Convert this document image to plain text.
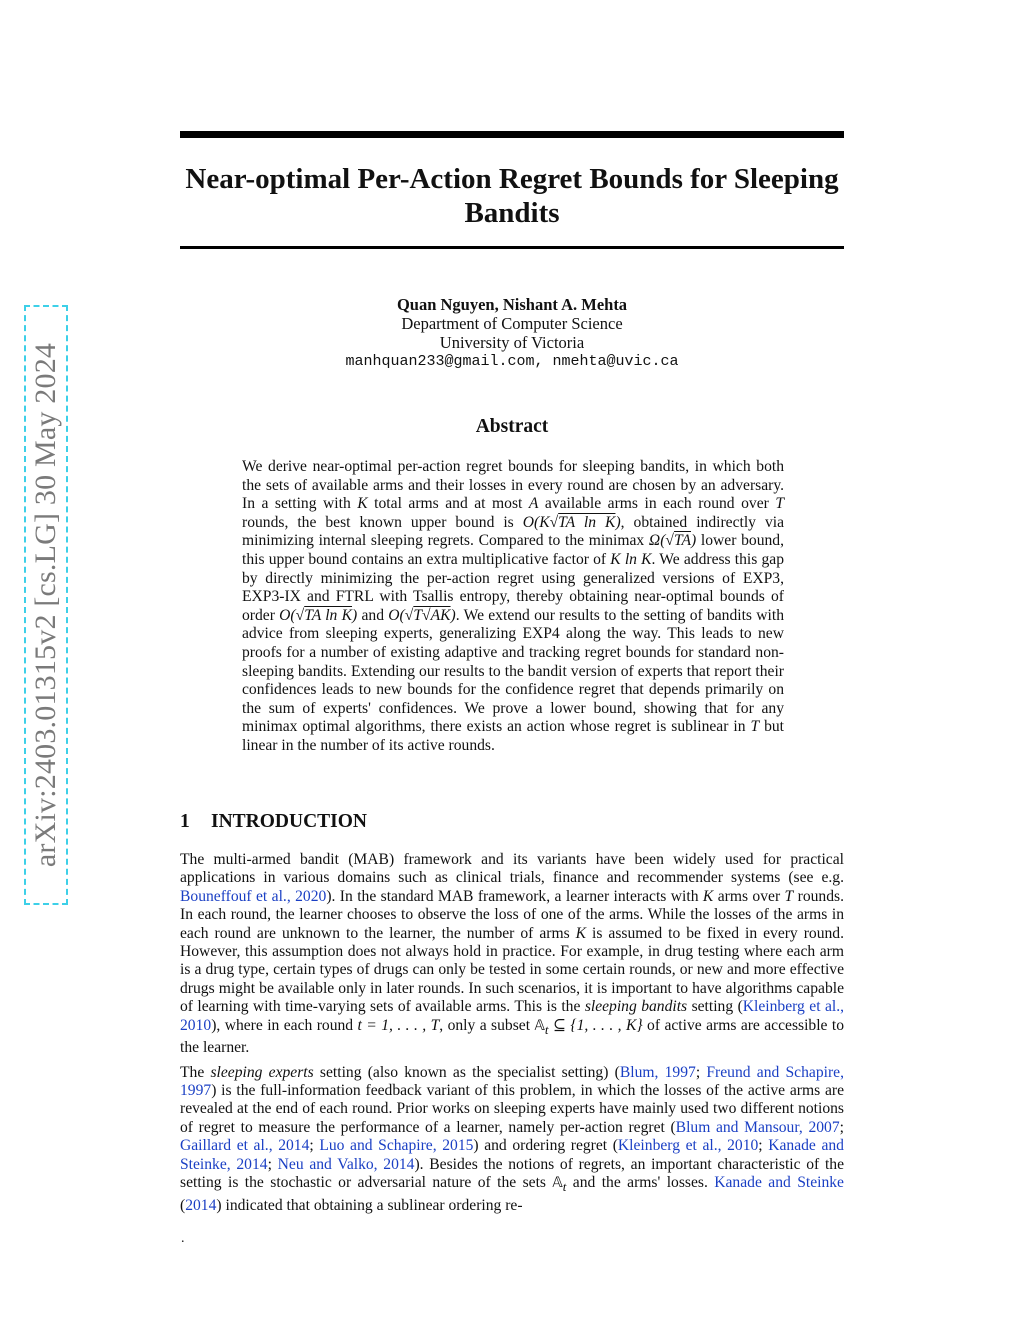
arXiv:2403.01315v2 [cs.LG] 30 May 2024
Near-optimal Per-Action Regret Bounds for Sleeping Bandits
Quan Nguyen, Nishant A. Mehta
Department of Computer Science
University of Victoria
manhquan233@gmail.com, nmehta@uvic.ca
Abstract

We derive near-optimal per-action regret bounds for sleeping bandits, in which both the sets of available arms and their losses in every round are chosen by an adversary. In a setting with K total arms and at most A available arms in each round over T rounds, the best known upper bound is O(K√TA ln K), obtained indirectly via minimizing internal sleeping regrets. Compared to the minimax Ω(√TA) lower bound, this upper bound contains an extra multiplicative factor of K ln K. We address this gap by directly minimizing the per-action regret using generalized versions of EXP3, EXP3-IX and FTRL with Tsallis entropy, thereby obtaining near-optimal bounds of order O(√TA ln K) and O(√T√AK). We extend our results to the setting of bandits with advice from sleeping experts, generalizing EXP4 along the way. This leads to new proofs for a number of existing adaptive and tracking regret bounds for standard non-sleeping bandits. Extending our results to the bandit version of experts that report their confidences leads to new bounds for the confidence regret that depends primarily on the sum of experts' confidences. We prove a lower bound, showing that for any minimax optimal algorithms, there exists an action whose regret is sublinear in T but linear in the number of its active rounds.

1 INTRODUCTION

The multi-armed bandit (MAB) framework and its variants have been widely used for practical applications in various domains such as clinical trials, finance and recommender systems (see e.g. Bouneffouf et al., 2020). In the standard MAB framework, a learner interacts with K arms over T rounds. In each round, the learner chooses to observe the loss of one of the arms. While the losses of the arms in each round are unknown to the learner, the number of arms K is assumed to be fixed in every round. However, this assumption does not always hold in practice. For example, in drug testing where each arm is a drug type, certain types of drugs can only be tested in some certain rounds, or new and more effective drugs might be available only in later rounds. In such scenarios, it is important to have algorithms capable of learning with time-varying sets of available arms. This is the sleeping bandits setting (Kleinberg et al., 2010), where in each round t = 1, . . . , T, only a subset 𝔸$_t$ ⊆ {1, . . . , K} of active arms are accessible to the learner.

The sleeping experts setting (also known as the specialist setting) (Blum, 1997; Freund and Schapire, 1997) is the full-information feedback variant of this problem, in which the losses of the active arms are revealed at the end of each round. Prior works on sleeping experts have mainly used two different notions of regret to measure the performance of a learner, namely per-action regret (Blum and Mansour, 2007; Gaillard et al., 2014; Luo and Schapire, 2015) and ordering regret (Kleinberg et al., 2010; Kanade and Steinke, 2014; Neu and Valko, 2014). Besides the notions of regrets, an important characteristic of the setting is the stochastic or adversarial nature of the sets 𝔸$_t$ and the arms' losses. Kanade and Steinke (2014) indicated that obtaining a sublinear ordering re-

.
